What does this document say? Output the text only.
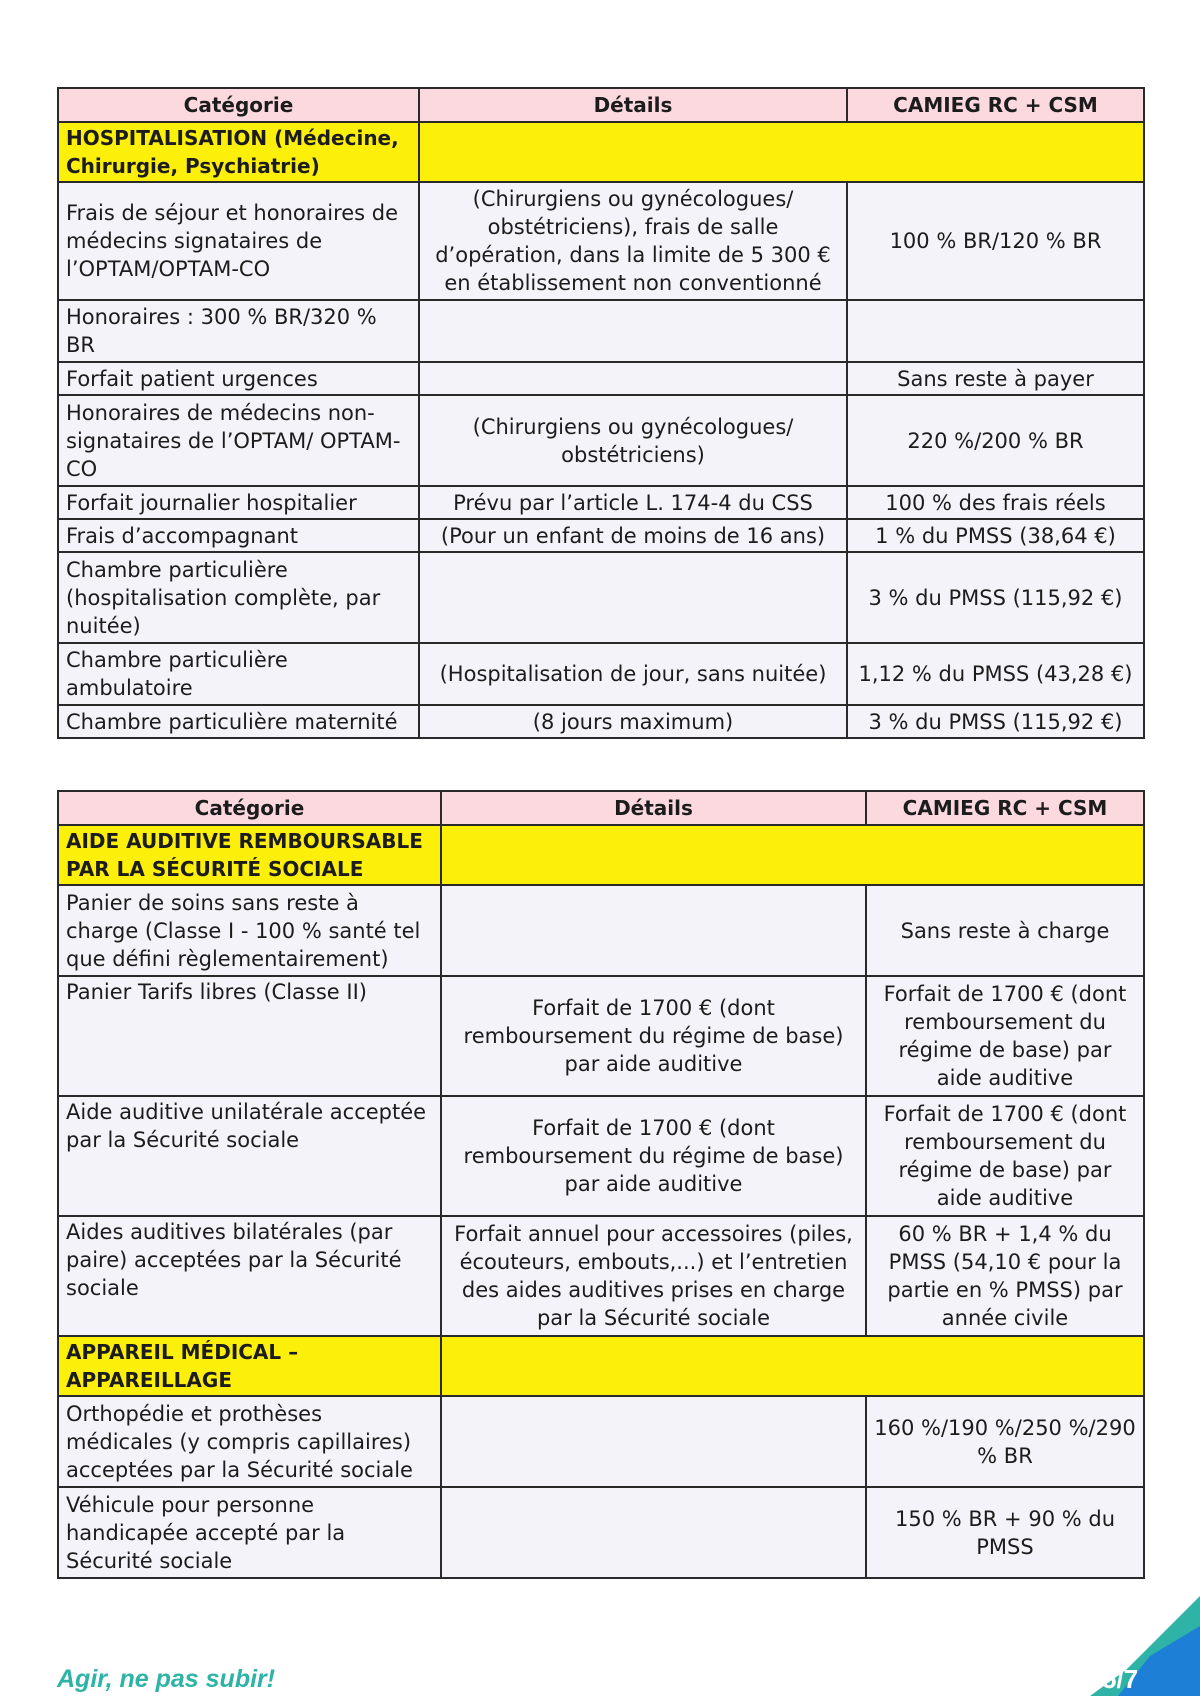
Catégorie	Détails	CAMIEG RC + CSM
HOSPITALISATION (Médecine, Chirurgie, Psychiatrie)		
Frais de séjour et honoraires de médecins signataires de l’OPTAM/OPTAM-CO	(Chirurgiens ou gynécologues/ obstétriciens), frais de salle d’opération, dans la limite de 5 300 € en établissement non conventionné	100 % BR/120 % BR
Honoraires : 300 % BR/320 % BR		
Forfait patient urgences		Sans reste à payer
Honoraires de médecins non-signataires de l’OPTAM/ OPTAM-CO	(Chirurgiens ou gynécologues/ obstétriciens)	220 %/200 % BR
Forfait journalier hospitalier	Prévu par l’article L. 174-4 du CSS	100 % des frais réels
Frais d’accompagnant	(Pour un enfant de moins de 16 ans)	1 % du PMSS (38,64 €)
Chambre particulière (hospitalisation complète, par nuitée)		3 % du PMSS (115,92 €)
Chambre particulière ambulatoire	(Hospitalisation de jour, sans nuitée)	1,12 % du PMSS (43,28 €)
Chambre particulière maternité	(8 jours maximum)	3 % du PMSS (115,92 €)
Catégorie	Détails	CAMIEG RC + CSM
AIDE AUDITIVE REMBOURSABLE PAR LA SÉCURITÉ SOCIALE		
Panier de soins sans reste à charge (Classe I - 100 % santé tel que défini règlementairement)		Sans reste à charge
Panier Tarifs libres (Classe II)	Forfait de 1700 € (dont remboursement du régime de base) par aide auditive	Forfait de 1700 € (dont remboursement du régime de base) par aide auditive
Aide auditive unilatérale acceptée par la Sécurité sociale	Forfait de 1700 € (dont remboursement du régime de base) par aide auditive	Forfait de 1700 € (dont remboursement du régime de base) par aide auditive
Aides auditives bilatérales (par paire) acceptées par la Sécurité sociale	Forfait annuel pour accessoires (piles, écouteurs, embouts,...) et l’entretien des aides auditives prises en charge par la Sécurité sociale	60 % BR + 1,4 % du PMSS (54,10 € pour la partie en % PMSS) par année civile
APPAREIL MÉDICAL – APPAREILLAGE		
Orthopédie et prothèses médicales (y compris capillaires) acceptées par la Sécurité sociale		160 %/190 %/250 %/290 % BR
Véhicule pour personne handicapée accepté par la Sécurité sociale		150 % BR + 90 % du PMSS

Agir, ne pas subir!	5/7
